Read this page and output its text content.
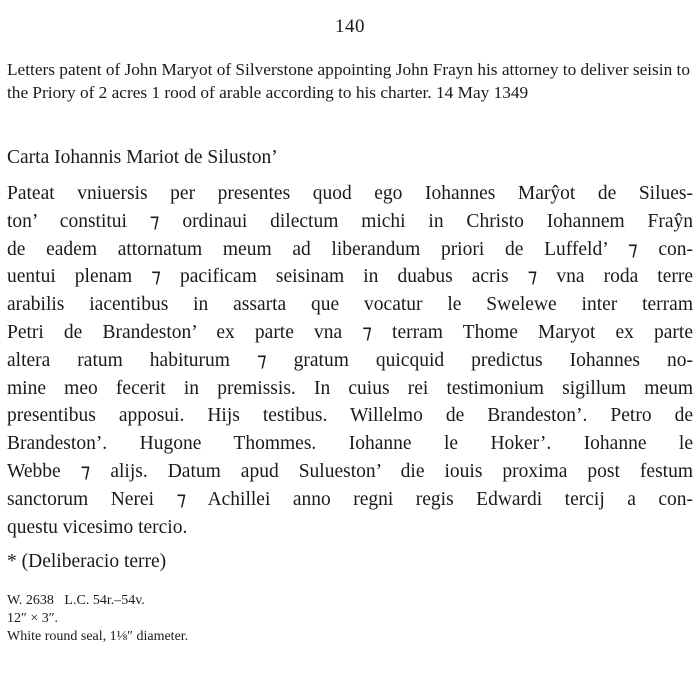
140
Letters patent of John Maryot of Silverstone appointing John Frayn his attorney to deliver seisin to the Priory of 2 acres 1 rood of arable according to his charter. 14 May 1349
Carta Iohannis Mariot de Siluston’
Pateat vniuersis per presentes quod ego Iohannes Marŷot de Silues-
ton’ constitui ⁊ ordinaui dilectum michi in Christo Iohannem Fraŷn
de eadem attornatum meum ad liberandum priori de Luffeld’ ⁊ con-
uentui plenam ⁊ pacificam seisinam in duabus acris ⁊ vna roda terre
arabilis iacentibus in assarta que vocatur le Swelewe inter terram
Petri de Brandeston’ ex parte vna ⁊ terram Thome Maryot ex parte
altera ratum habiturum ⁊ gratum quicquid predictus Iohannes no-
mine meo fecerit in premissis. In cuius rei testimonium sigillum meum
presentibus apposui. Hijs testibus. Willelmo de Brandeston’. Petro de
Brandeston’. Hugone Thommes. Iohanne le Hoker’. Iohanne le
Webbe ⁊ alijs. Datum apud Sulueston’ die iouis proxima post festum
sanctorum Nerei ⁊ Achillei anno regni regis Edwardi tercij a con-
questu vicesimo tercio.
* (Deliberacio terre)
W. 2638   L.C. 54r.–54v.
12″ × 3″.
White round seal, 1⅛″ diameter.
